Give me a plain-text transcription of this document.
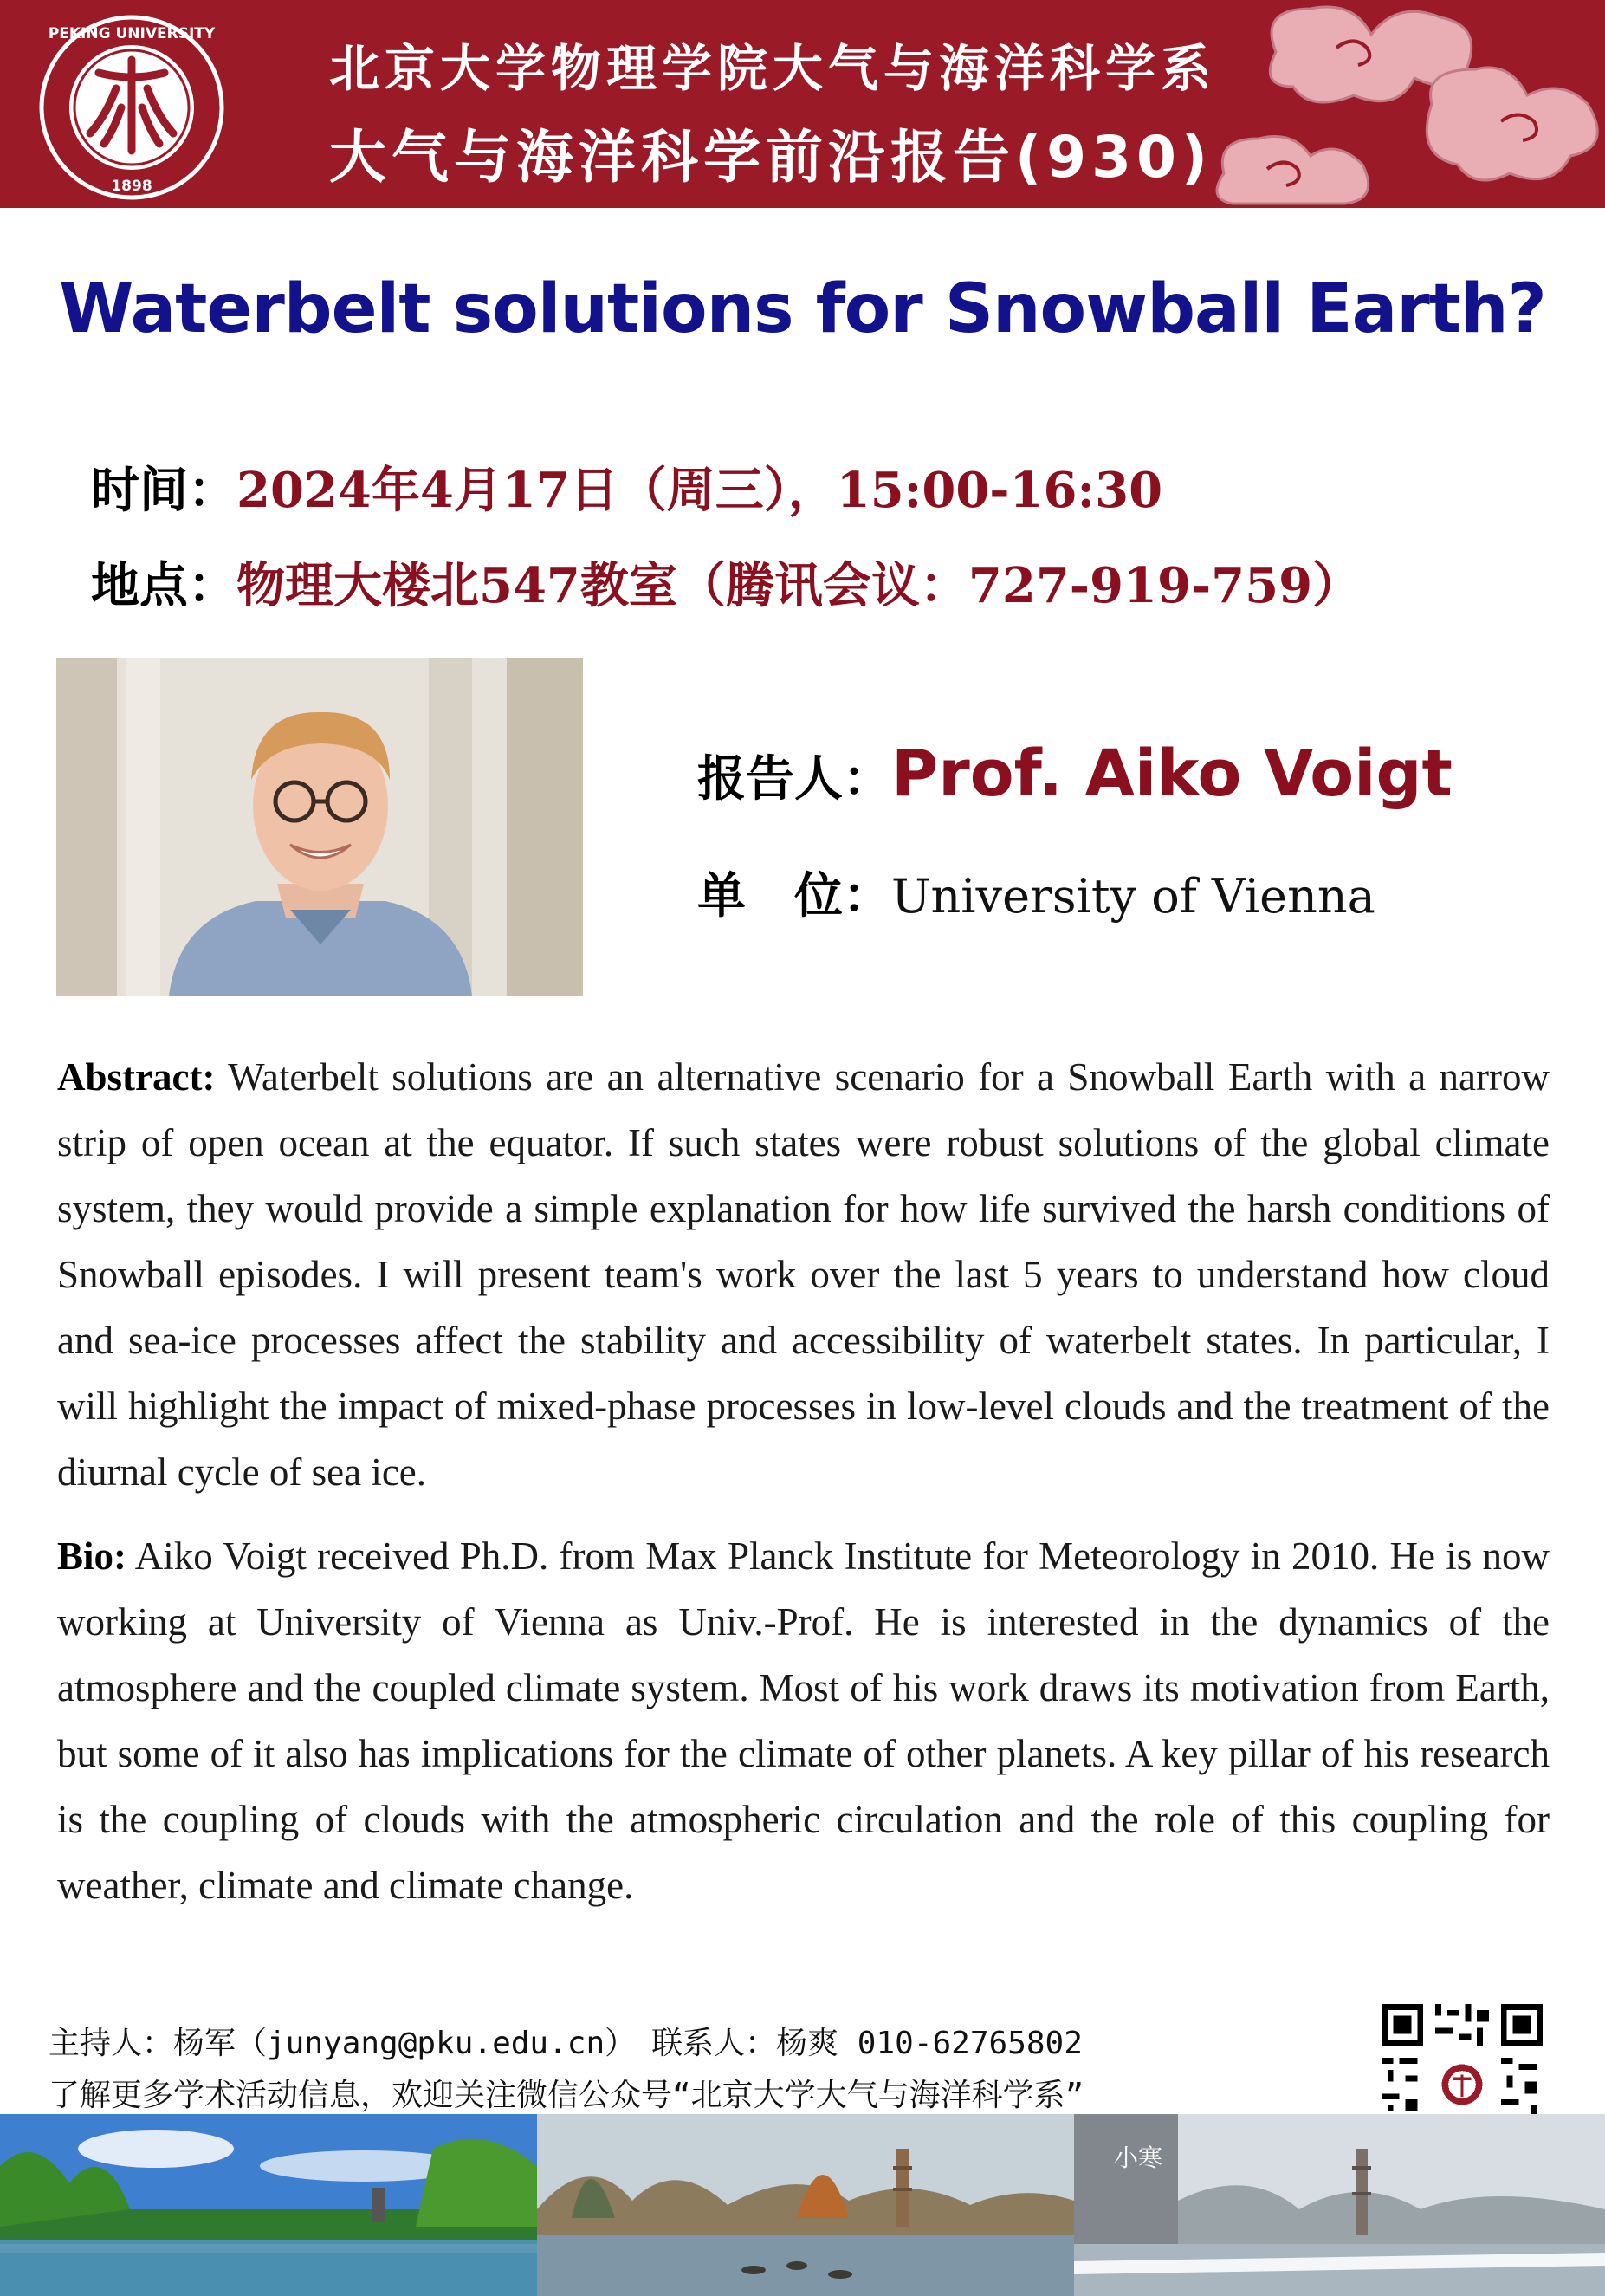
PEKING UNIVERSITY
1898
北京大学物理学院大气与海洋科学系
大气与海洋科学前沿报告(930)
Waterbelt solutions for Snowball Earth?
时间：2024年4月17日（周三），15:00-16:30
地点：物理大楼北547教室（腾讯会议：727-919-759）
报告人：Prof. Aiko Voigt
单　位：University of Vienna
Abstract: Waterbelt solutions are an alternative scenario for a Snowball Earth with a narrow strip of open ocean at the equator. If such states were robust solutions of the global climate system, they would provide a simple explanation for how life survived the harsh conditions of Snowball episodes. I will present team's work over the last 5 years to understand how cloud and sea-ice processes affect the stability and accessibility of waterbelt states. In particular, I will highlight the impact of mixed-phase processes in low-level clouds and the treatment of the diurnal cycle of sea ice.
Bio: Aiko Voigt received Ph.D. from Max Planck Institute for Meteorology in 2010. He is now working at University of Vienna as Univ.-Prof. He is interested in the dynamics of the atmosphere and the coupled climate system. Most of his work draws its motivation from Earth, but some of it also has implications for the climate of other planets. A key pillar of his research is the coupling of clouds with the atmospheric circulation and the role of this coupling for weather, climate and climate change.
主持人：杨军（junyang@pku.edu.cn）　联系人：杨爽 010-62765802
了解更多学术活动信息，欢迎关注微信公众号“北京大学大气与海洋科学系”
小寒
